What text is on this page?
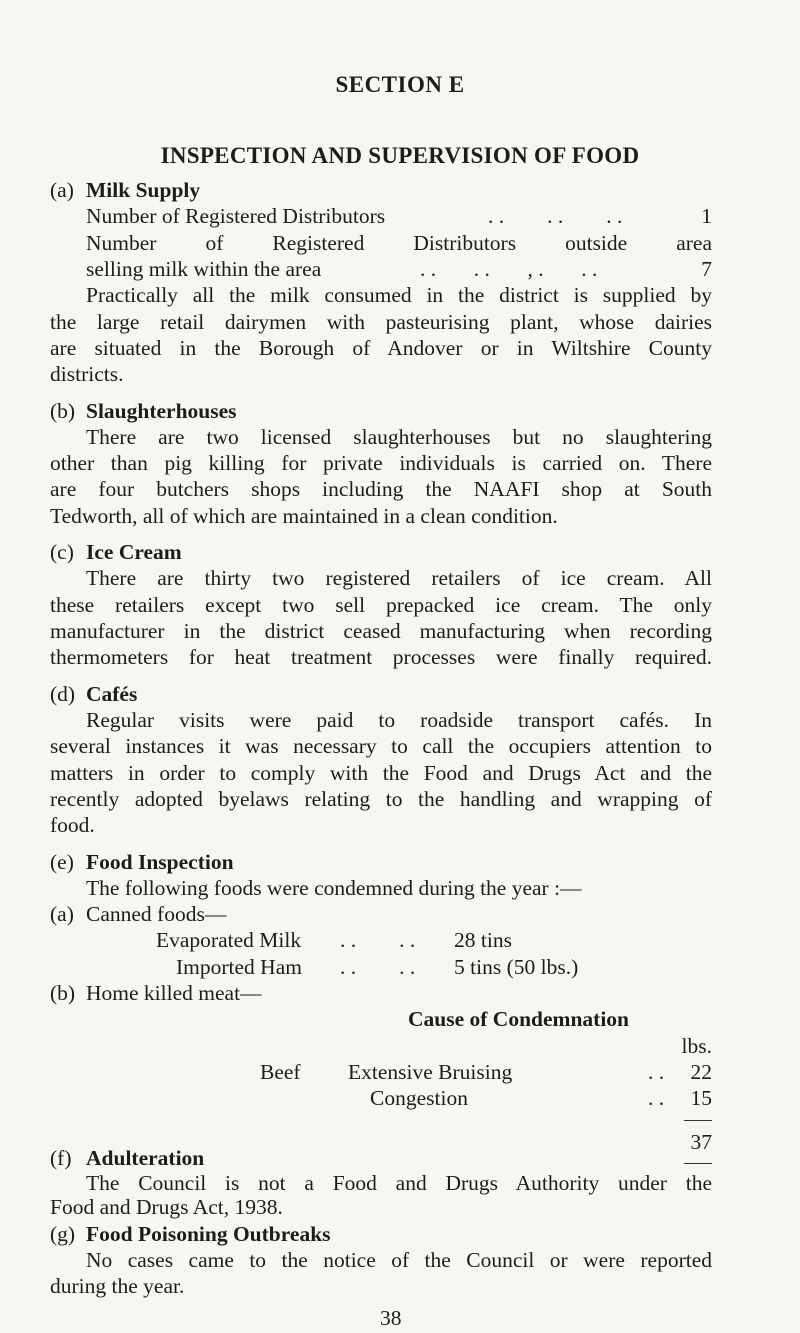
SECTION E
INSPECTION AND SUPERVISION OF FOOD
(a) Milk Supply
Number of Registered Distributors	. .        . .        . .	1
Number of Registered Distributors outside area
selling milk within the area	. .       . .       , .       . .	7
Practically all the milk consumed in the district is supplied by
the large retail dairymen with pasteurising plant, whose dairies
are situated in the Borough of Andover or in Wiltshire County
districts.
(b) Slaughterhouses
There are two licensed slaughterhouses but no slaughtering
other than pig killing for private individuals is carried on. There
are four butchers shops including the NAAFI shop at South
Tedworth, all of which are maintained in a clean condition.
(c) Ice Cream
There are thirty two registered retailers of ice cream. All
these retailers except two sell prepacked ice cream. The only
manufacturer in the district ceased manufacturing when recording
thermometers for heat treatment processes were finally required.
(d) Cafés
Regular visits were paid to roadside transport cafés. In
several instances it was necessary to call the occupiers attention to
matters in order to comply with the Food and Drugs Act and the
recently adopted byelaws relating to the handling and wrapping of
food.
(e) Food Inspection
The following foods were condemned during the year :—
(a) Canned foods—
Evaporated Milk . .        . . 28 tins
Imported Ham . .        . . 5 tins (50 lbs.)
(b) Home killed meat—
Cause of Condemnation
lbs.
Beef Extensive Bruising	. .	22
Congestion	. .	15
37
(f) Adulteration
The Council is not a Food and Drugs Authority under the
Food and Drugs Act, 1938.
(g) Food Poisoning Outbreaks
No cases came to the notice of the Council or were reported
during the year.
38
